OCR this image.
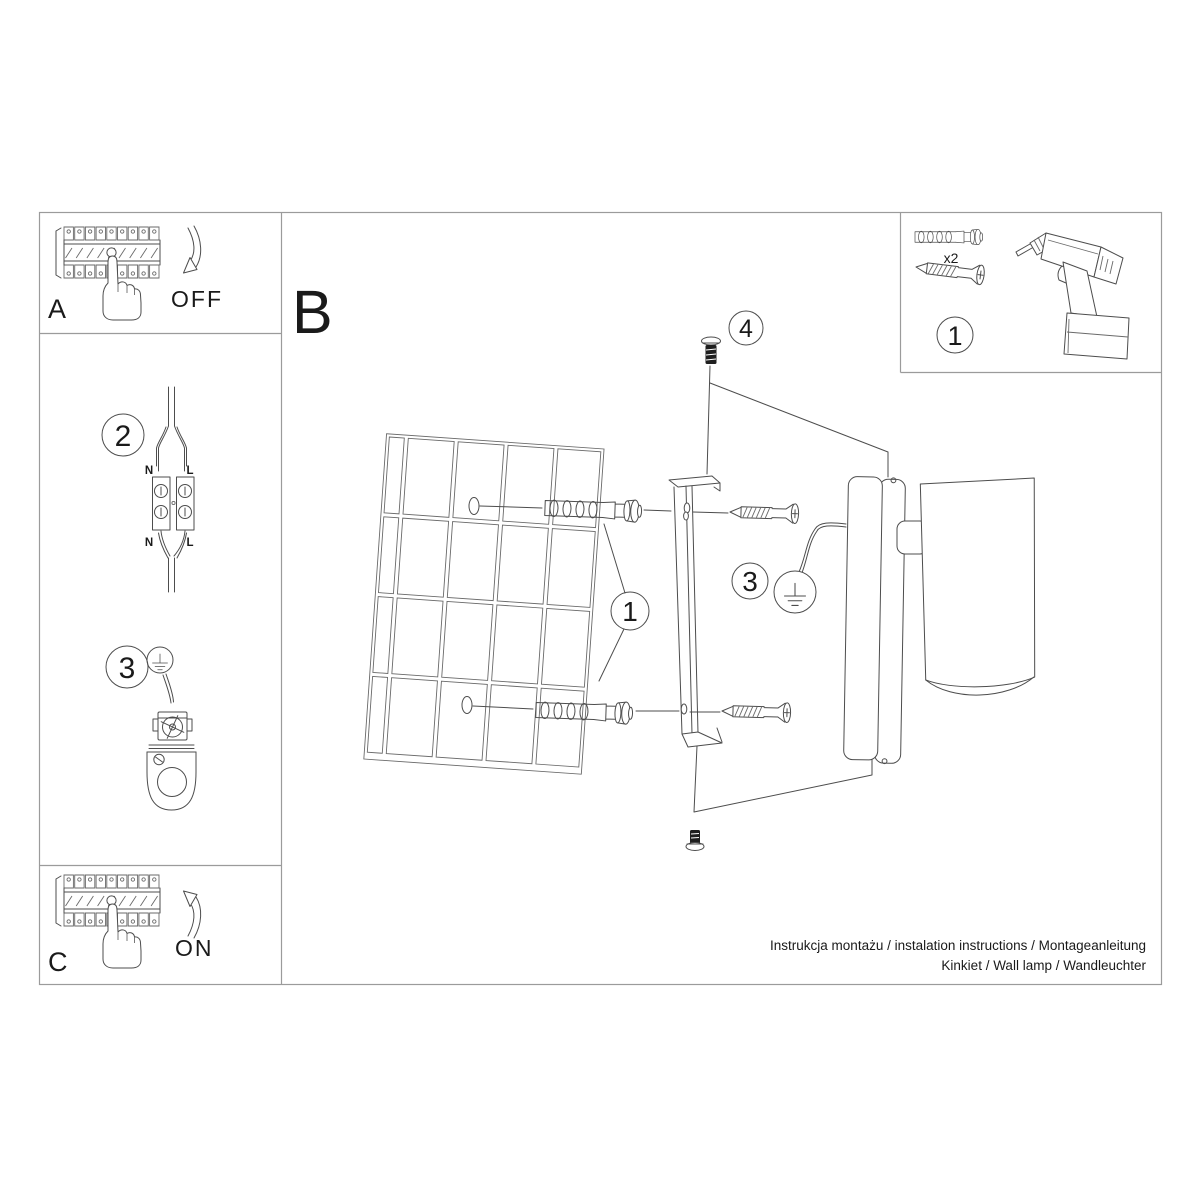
OFF
A
2
N	L
N	L
3
ON
C
x2
1
B
1
4
3
Instrukcja montażu / instalation instructions / Montageanleitung
Kinkiet / Wall lamp / Wandleuchter
